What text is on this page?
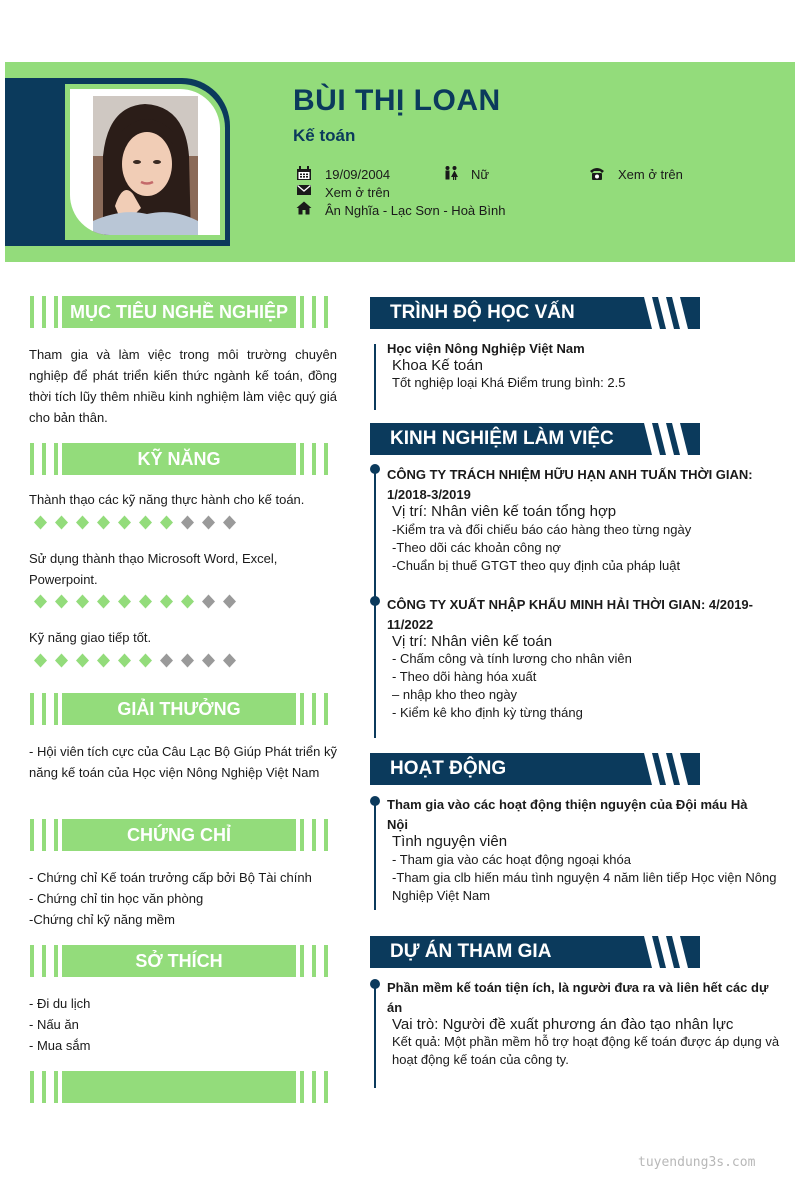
BÙI THỊ LOAN
Kế toán
19/09/2004	Nữ	Xem ở trên
Xem ở trên
Ân Nghĩa - Lạc Sơn - Hoà Bình
MỤC TIÊU NGHỀ NGHIỆP
Tham gia và làm việc trong môi trường chuyên nghiệp để phát triển kiến thức ngành kế toán, đồng thời tích lũy thêm nhiều kinh nghiệm làm việc quý giá cho bản thân.
KỸ NĂNG
Thành thạo các kỹ năng thực hành cho kế toán.
Sử dụng thành thạo Microsoft Word, Excel, Powerpoint.
Kỹ năng giao tiếp tốt.
GIẢI THƯỞNG
- Hội viên tích cực của Câu Lạc Bộ Giúp Phát triển kỹ năng kế toán của Học viện Nông Nghiệp Việt Nam
CHỨNG CHỈ
- Chứng chỉ Kế toán trưởng cấp bởi Bộ Tài chính
- Chứng chỉ tin học văn phòng
-Chứng chỉ kỹ năng mềm
SỞ THÍCH
- Đi du lịch
- Nấu ăn
- Mua sắm
TRÌNH ĐỘ HỌC VẤN
Học viện Nông Nghiệp Việt Nam
Khoa Kế toán
Tốt nghiệp loại Khá Điểm trung bình: 2.5
KINH NGHIỆM LÀM VIỆC
CÔNG TY TRÁCH NHIỆM HỮU HẠN ANH TUẤN THỜI GIAN: 1/2018-3/2019
Vị trí: Nhân viên kế toán tổng hợp
-Kiểm tra và đối chiếu báo cáo hàng theo từng ngày
-Theo dõi các khoản công nợ
-Chuẩn bị thuế GTGT theo quy định của pháp luật
CÔNG TY XUẤT NHẬP KHẨU MINH HẢI THỜI GIAN: 4/2019-11/2022
Vị trí: Nhân viên kế toán
- Chấm công và tính lương cho nhân viên
- Theo dõi hàng hóa xuất
– nhập kho theo ngày
- Kiểm kê kho định kỳ từng tháng
HOẠT ĐỘNG
Tham gia vào các hoạt động thiện nguyện của Đội máu Hà Nội
Tình nguyện viên
- Tham gia vào các hoạt động ngoại khóa
-Tham gia clb hiến máu tình nguyện 4 năm liên tiếp Học viện Nông Nghiệp Việt Nam
DỰ ÁN THAM GIA
Phần mềm kế toán tiện ích, là người đưa ra và liên hết các dự án
Vai trò: Người đề xuất phương án đào tạo nhân lực
Kết quả: Một phần mềm hỗ trợ hoạt động kế toán được áp dụng và hoạt động kế toán của công ty.
tuyendung3s.com
